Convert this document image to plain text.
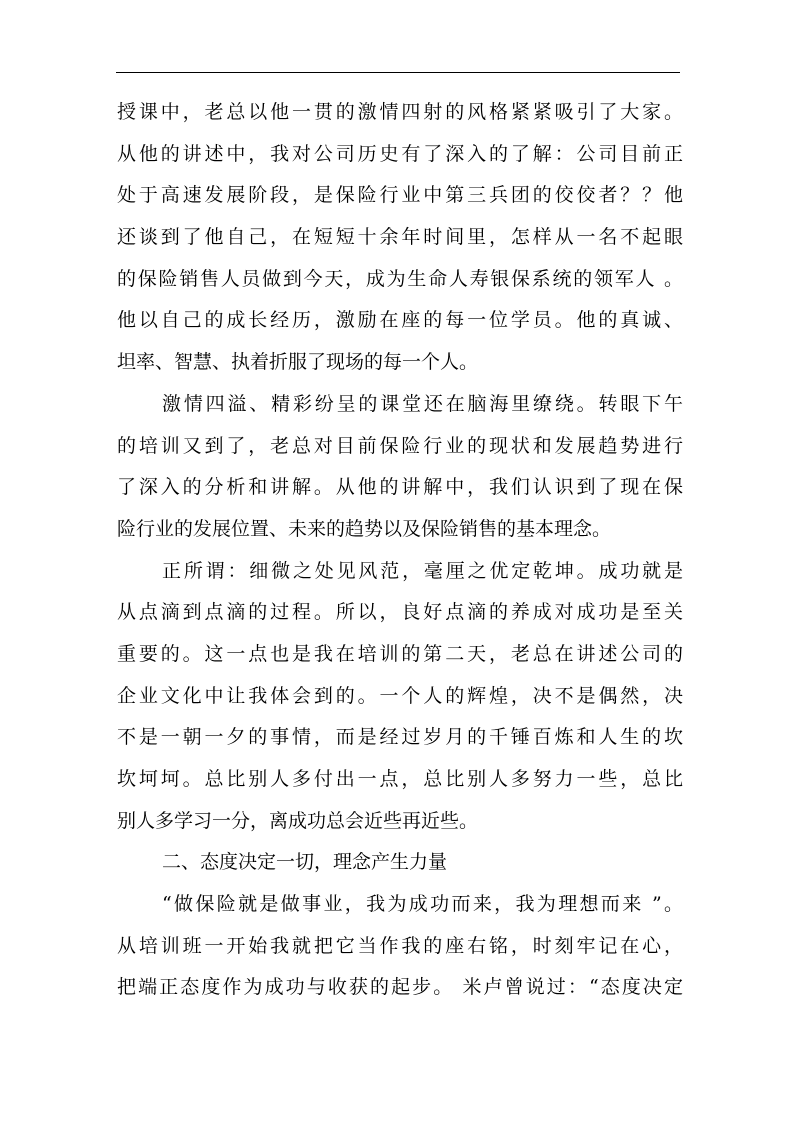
授课中，老总以他一贯的激情四射的风格紧紧吸引了大家。
从他的讲述中，我对公司历史有了深入的了解：公司目前正
处于高速发展阶段，是保险行业中第三兵团的佼佼者？？他
还谈到了他自己，在短短十余年时间里，怎样从一名不起眼
的保险销售人员做到今天，成为生命人寿银保系统的领军人 。
他以自己的成长经历，激励在座的每一位学员。他的真诚、
坦率、智慧、执着折服了现场的每一个人。
激情四溢、精彩纷呈的课堂还在脑海里缭绕。转眼下午
的培训又到了，老总对目前保险行业的现状和发展趋势进行
了深入的分析和讲解。从他的讲解中，我们认识到了现在保
险行业的发展位置、未来的趋势以及保险销售的基本理念。
正所谓：细微之处见风范，毫厘之优定乾坤。成功就是
从点滴到点滴的过程。所以，良好点滴的养成对成功是至关
重要的。这一点也是我在培训的第二天，老总在讲述公司的
企业文化中让我体会到的。一个人的辉煌，决不是偶然，决
不是一朝一夕的事情，而是经过岁月的千锤百炼和人生的坎
坎坷坷。总比别人多付出一点，总比别人多努力一些，总比
别人多学习一分，离成功总会近些再近些。
二、态度决定一切，理念产生力量
“做保险就是做事业，我为成功而来，我为理想而来 ”。
从培训班一开始我就把它当作我的座右铭，时刻牢记在心，
把端正态度作为成功与收获的起步。 米卢曾说过：“态度决定
